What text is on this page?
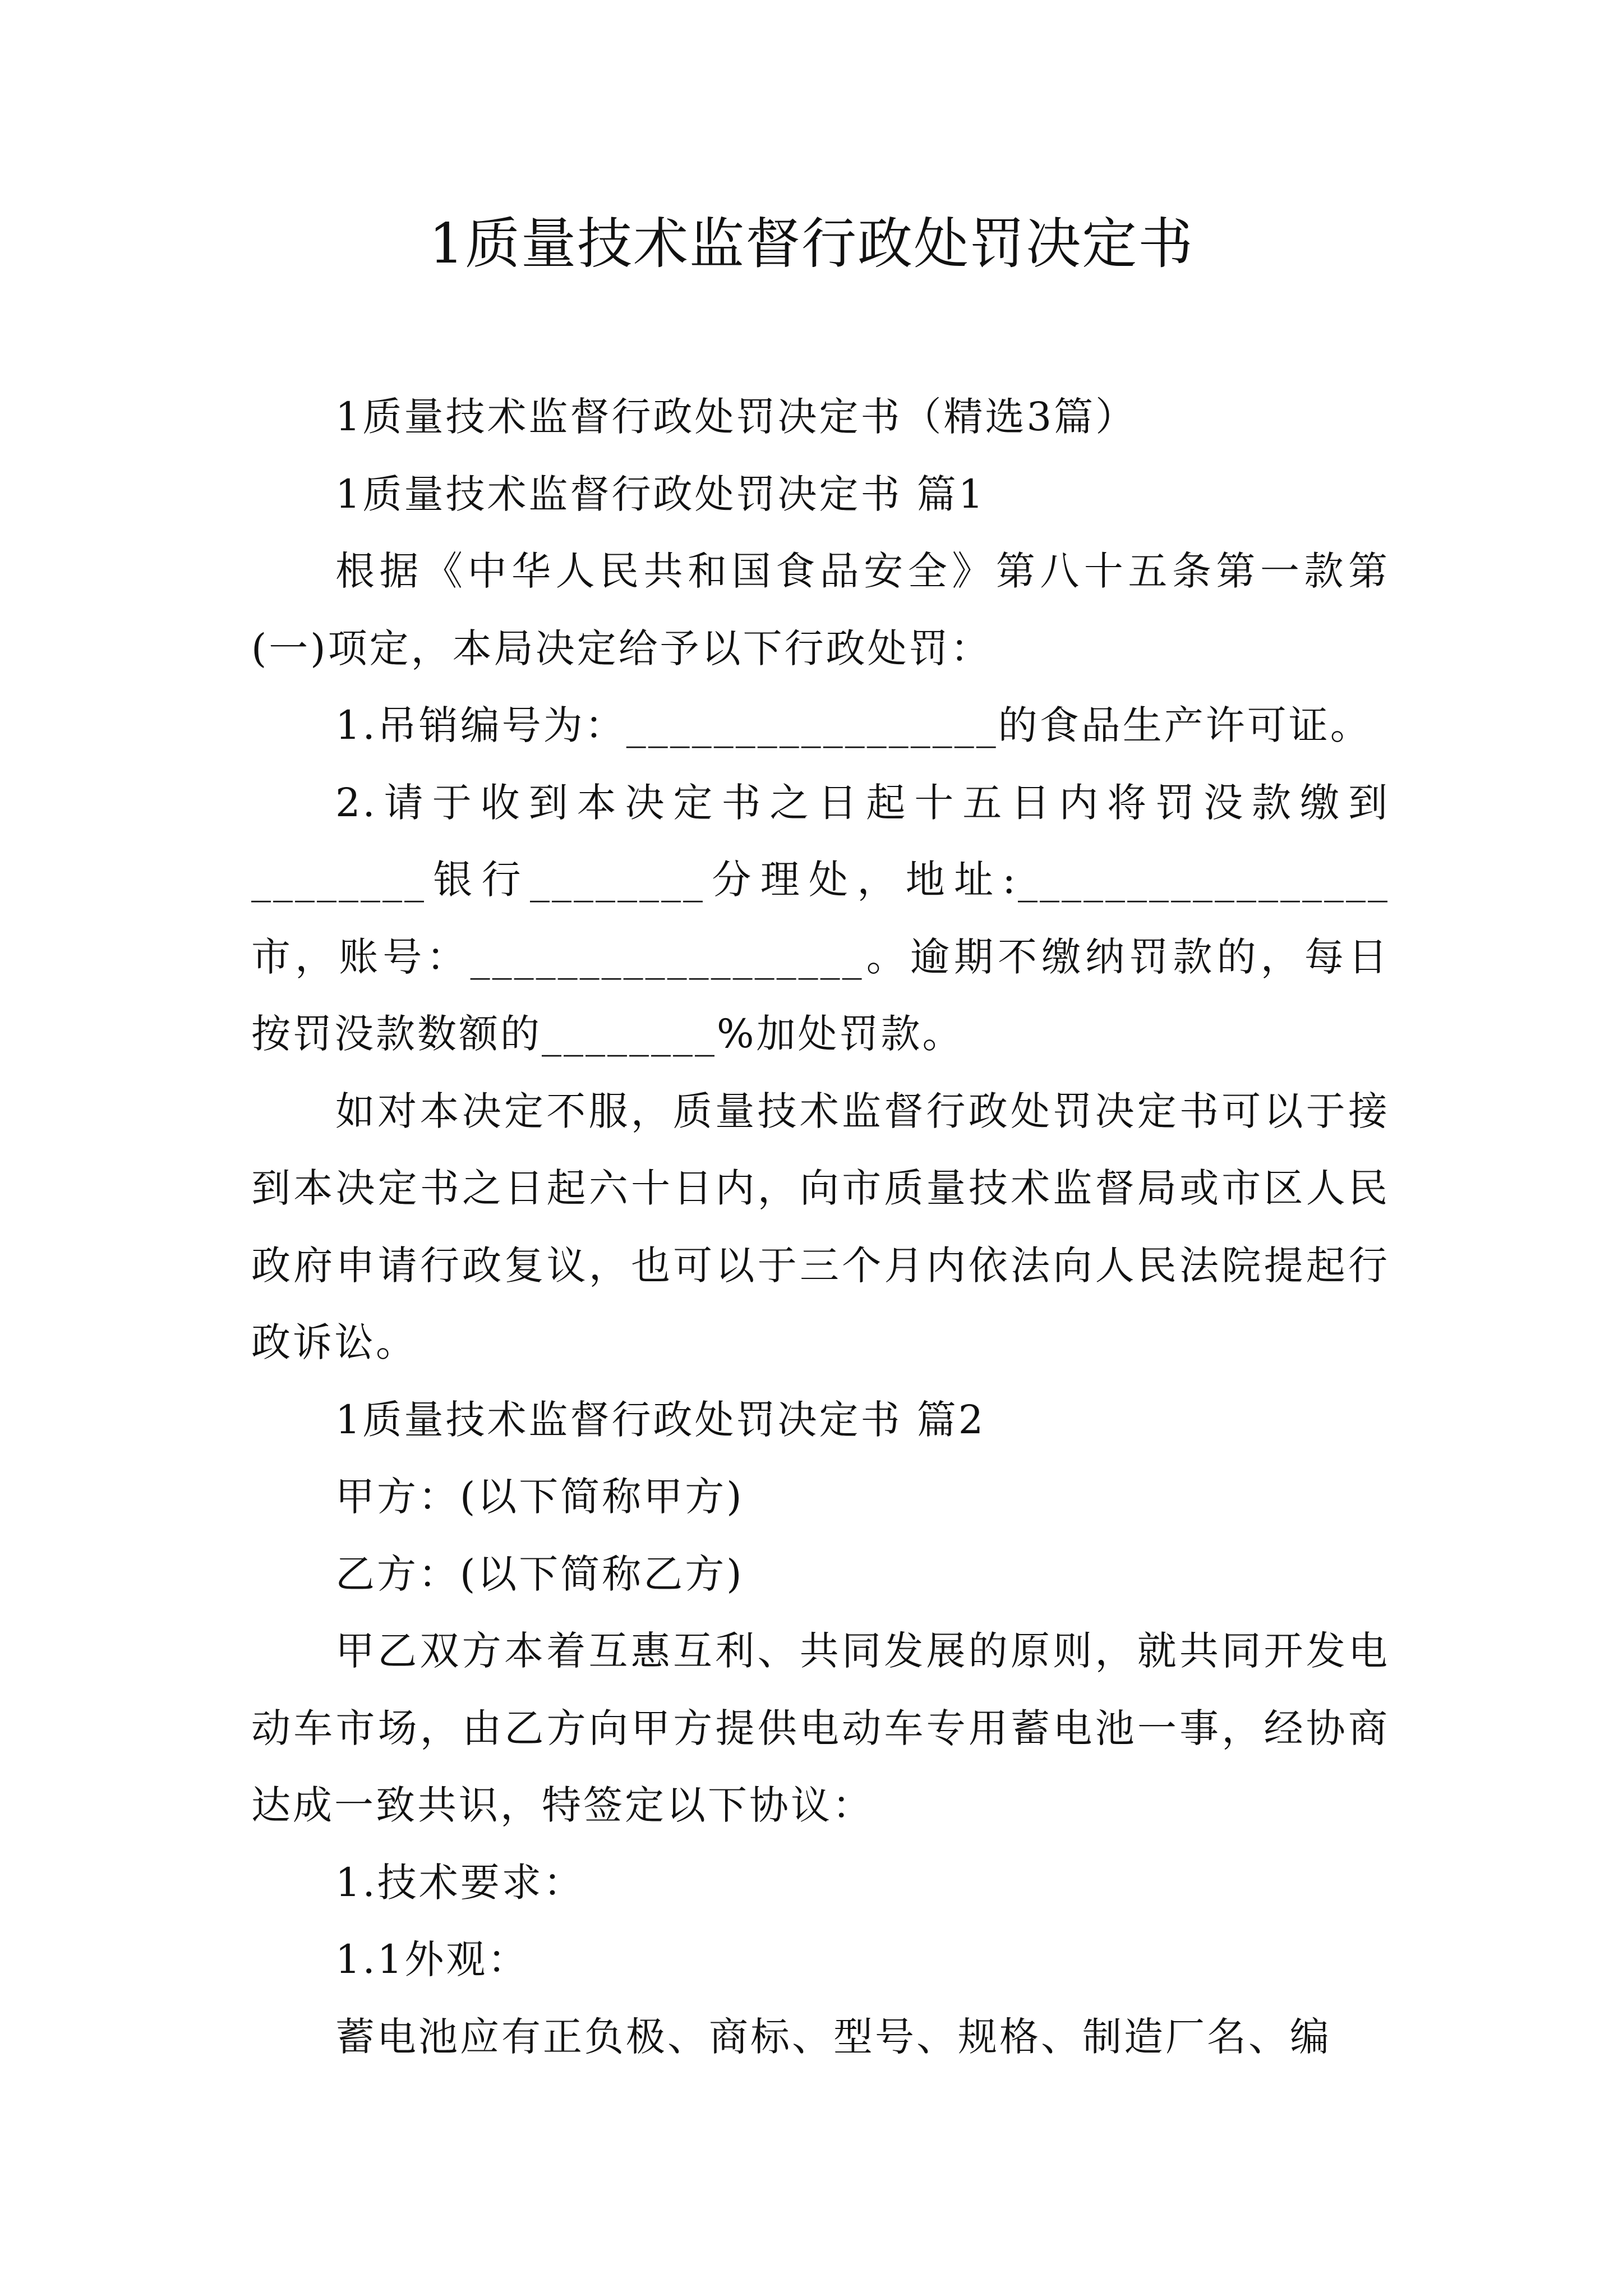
1质量技术监督行政处罚决定书

1质量技术监督行政处罚决定书（精选3篇）

1质量技术监督行政处罚决定书 篇1

根据《中华人民共和国食品安全》第八十五条第一款第(一)项定，本局决定给予以下行政处罚：

1.吊销编号为：_________________的食品生产许可证。

2.请于收到本决定书之日起十五日内将罚没款缴到________银行________分理处，地址:_________________市，账号：__________________。逾期不缴纳罚款的，每日按罚没款数额的________%加处罚款。

如对本决定不服，质量技术监督行政处罚决定书可以于接到本决定书之日起六十日内，向市质量技术监督局或市区人民政府申请行政复议，也可以于三个月内依法向人民法院提起行政诉讼。

1质量技术监督行政处罚决定书 篇2

甲方：(以下简称甲方)

乙方：(以下简称乙方)

甲乙双方本着互惠互利、共同发展的原则，就共同开发电动车市场，由乙方向甲方提供电动车专用蓄电池一事，经协商达成一致共识，特签定以下协议：

1.技术要求：

1.1外观：

蓄电池应有正负极、商标、型号、规格、制造厂名、编
